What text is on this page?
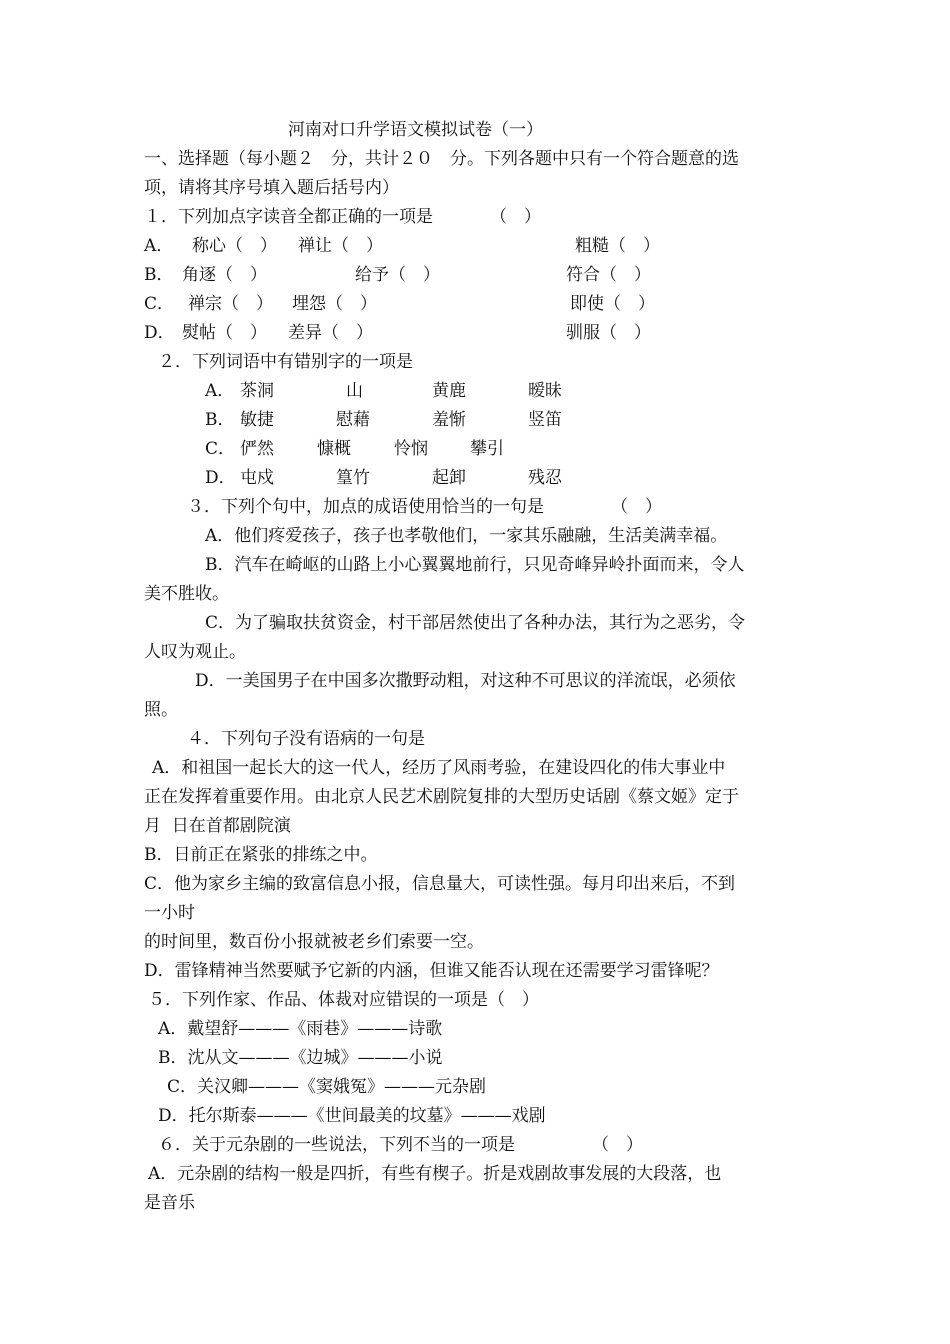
河南对口升学语文模拟试卷（一）
一、选择题（每小题２　分，共计２０　分。下列各题中只有一个符合题意的选
项，请将其序号填入题后括号内）
１．下列加点字读音全都正确的一项是	（　）
A． 称心（　） 禅让（　）	粗糙（　）
B． 角逐（　）	给予（　）	符合（　）
C． 禅宗（　） 埋怨（　）	即使（　）
D． 熨帖（　） 差异（　）	驯服（　）
２．下列词语中有错别字的一项是
A． 茶洞	山	黄鹿	暧昧
B． 敏捷	慰藉	羞惭	竖笛
C． 俨然	慷概	怜悯 攀引
D． 屯戍	篁竹	起卸	残忍
３．下列个句中，加点的成语使用恰当的一句是	（　）
A．他们疼爱孩子，孩子也孝敬他们，一家其乐融融，生活美满幸福。
B．汽车在崎岖的山路上小心翼翼地前行，只见奇峰异岭扑面而来，令人
美不胜收。
C．为了骗取扶贫资金，村干部居然使出了各种办法，其行为之恶劣，令
人叹为观止。
D．一美国男子在中国多次撒野动粗，对这种不可思议的洋流氓，必须依
照。
４．下列句子没有语病的一句是
A．和祖国一起长大的这一代人，经历了风雨考验，在建设四化的伟大事业中
正在发挥着重要作用。由北京人民艺术剧院复排的大型历史话剧《蔡文姬》定于
月  日在首都剧院演
B．日前正在紧张的排练之中。
C．他为家乡主编的致富信息小报，信息量大，可读性强。每月印出来后，不到
一小时
的时间里，数百份小报就被老乡们索要一空。
D．雷锋精神当然要赋予它新的内涵，但谁又能否认现在还需要学习雷锋呢？
５．下列作家、作品、体裁对应错误的一项是（　）
A．戴望舒———《雨巷》———诗歌
B．沈从文———《边城》———小说
C．关汉卿———《窦娥冤》———元杂剧
D．托尔斯泰———《世间最美的坟墓》———戏剧
６．关于元杂剧的一些说法，下列不当的一项是	（　）
A．元杂剧的结构一般是四折，有些有楔子。折是戏剧故事发展的大段落，也
是音乐
